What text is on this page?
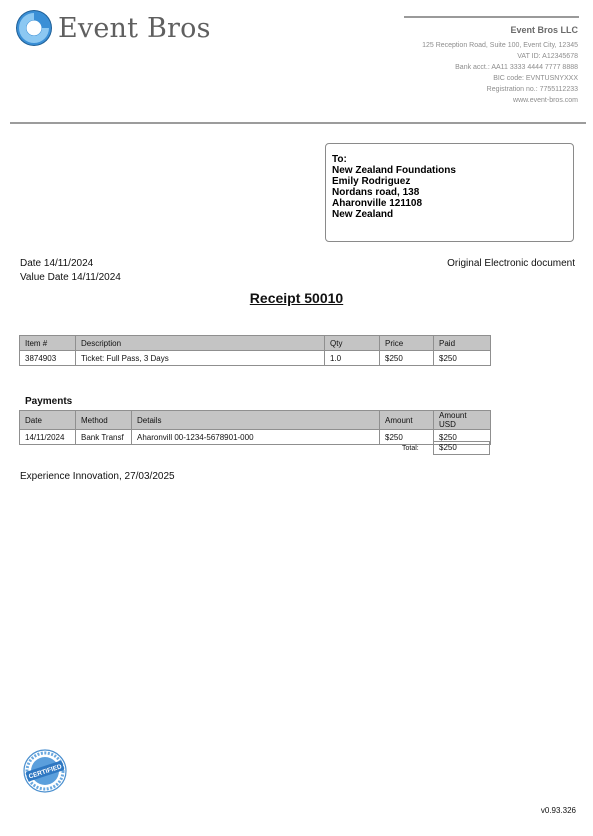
Event Bros	Event Bros LLC
125 Reception Road, Suite 100, Event City, 12345
VAT ID: A12345678
Bank acct.: AA11 3333 4444 7777 8888
BIC code: EVNTUSNYXXX
Registration no.: 7755112233
www.event-bros.com
To:
New Zealand Foundations
Emily Rodriguez
Nordans road, 138
Aharonville 121108
New Zealand
Date 14/11/2024
Value Date 14/11/2024
Original Electronic document
Receipt 50010
Item #	Description	Qty	Price	Paid
3874903	Ticket: Full Pass, 3 Days	1.0	$250	$250
Payments
Date	Method	Details	Amount	Amount USD
14/11/2024	Bank Transf	Aharonvill 00-1234-5678901-000	$250	$250
Total:	$250
Experience Innovation, 27/03/2025
CERTIFIED
v0.93.326
